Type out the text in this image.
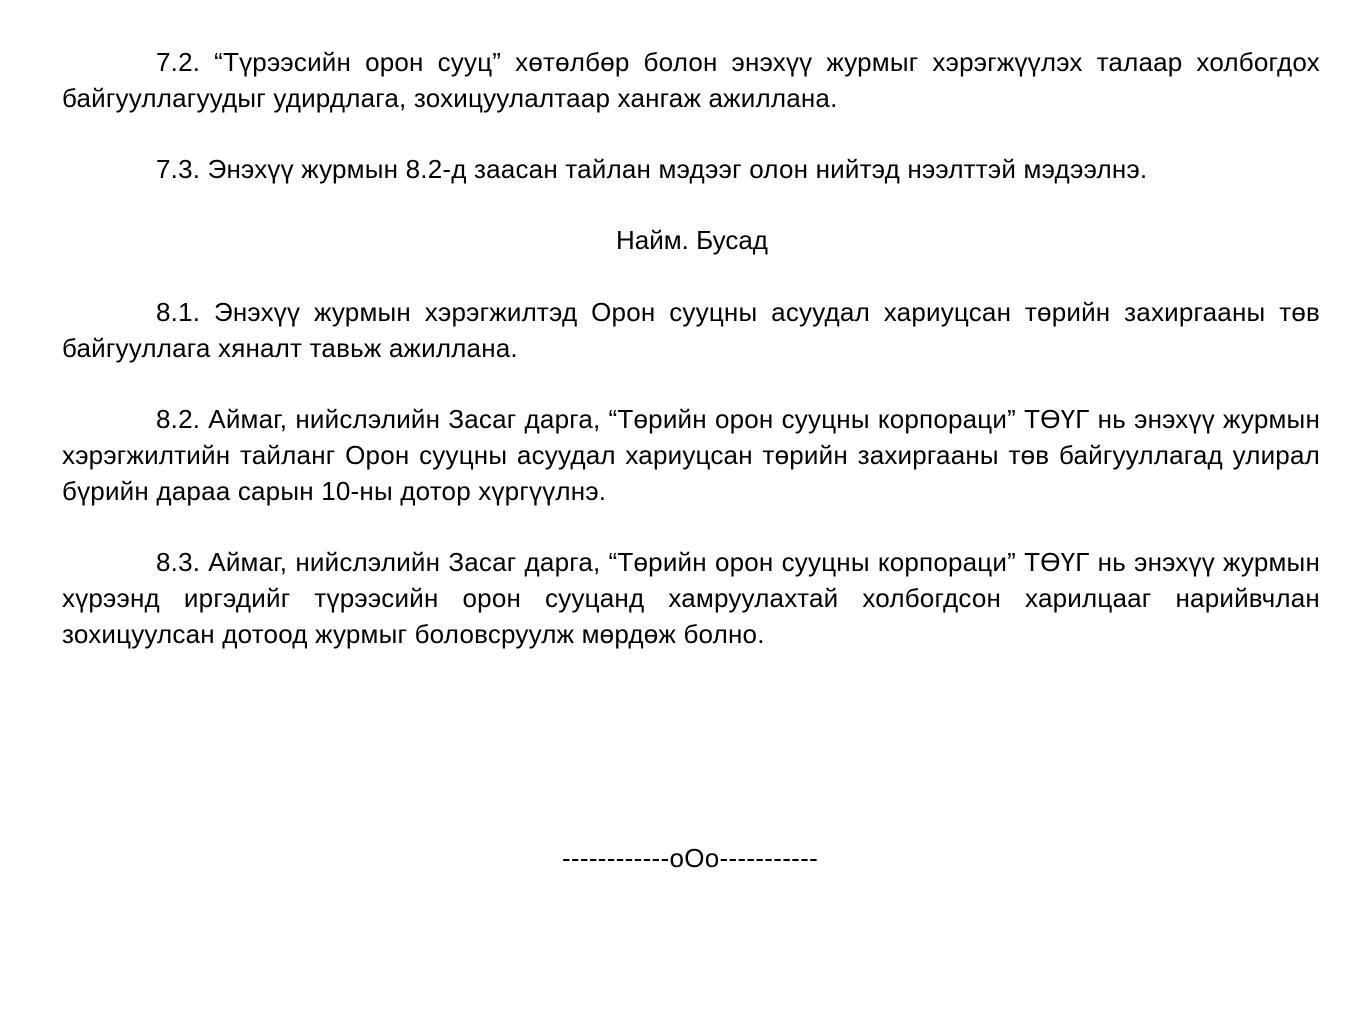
7.2. “Түрээсийн орон сууц” хөтөлбөр болон энэхүү журмыг хэрэгжүүлэх талаар холбогдох байгууллагуудыг удирдлага, зохицуулалтаар хангаж ажиллана.

7.3. Энэхүү журмын 8.2-д заасан тайлан мэдээг олон нийтэд нээлттэй мэдээлнэ.

Найм. Бусад

8.1. Энэхүү журмын хэрэгжилтэд Орон сууцны асуудал хариуцсан төрийн захиргааны төв байгууллага хяналт тавьж ажиллана.

8.2. Аймаг, нийслэлийн Засаг дарга, “Төрийн орон сууцны корпораци” ТӨҮГ нь энэхүү журмын хэрэгжилтийн тайланг Орон сууцны асуудал хариуцсан төрийн захиргааны төв байгууллагад улирал бүрийн дараа сарын 10-ны дотор хүргүүлнэ.

8.3. Аймаг, нийслэлийн Засаг дарга, “Төрийн орон сууцны корпораци” ТӨҮГ нь энэхүү журмын хүрээнд иргэдийг түрээсийн орон сууцанд хамруулахтай холбогдсон харилцааг нарийвчлан зохицуулсан дотоод журмыг боловсруулж мөрдөж болно.

------------oOo-----------
